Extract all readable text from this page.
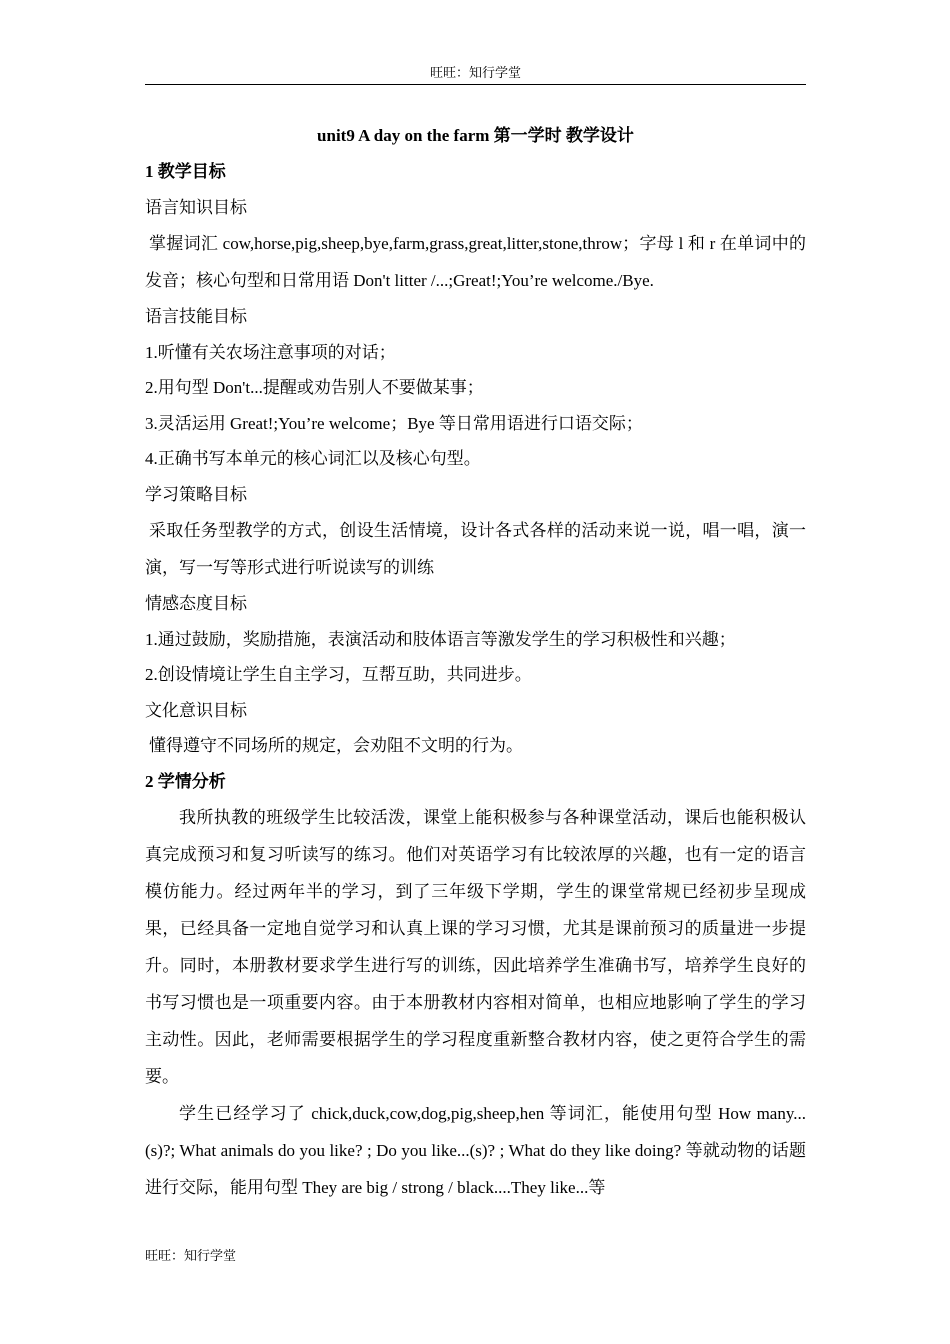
旺旺：知行学堂
unit9 A day on the farm 第一学时 教学设计
1 教学目标
语言知识目标

掌握词汇 cow,horse,pig,sheep,bye,farm,grass,great,litter,stone,throw；字母 l 和 r 在单词中的发音；核心句型和日常用语 Don't litter /...;Great!;You’re welcome./Bye.

语言技能目标
1.听懂有关农场注意事项的对话；
2.用句型 Don't...提醒或劝告别人不要做某事；
3.灵活运用 Great!;You’re welcome；Bye 等日常用语进行口语交际；
4.正确书写本单元的核心词汇以及核心句型。
学习策略目标

采取任务型教学的方式，创设生活情境，设计各式各样的活动来说一说，唱一唱，演一演，写一写等形式进行听说读写的训练

情感态度目标
1.通过鼓励，奖励措施，表演活动和肢体语言等激发学生的学习积极性和兴趣；
2.创设情境让学生自主学习，互帮互助，共同进步。
文化意识目标
懂得遵守不同场所的规定，会劝阻不文明的行为。
2 学情分析

我所执教的班级学生比较活泼，课堂上能积极参与各种课堂活动，课后也能积极认真完成预习和复习听读写的练习。他们对英语学习有比较浓厚的兴趣，也有一定的语言模仿能力。经过两年半的学习，到了三年级下学期，学生的课堂常规已经初步呈现成果，已经具备一定地自觉学习和认真上课的学习习惯，尤其是课前预习的质量进一步提升。同时，本册教材要求学生进行写的训练，因此培养学生准确书写，培养学生良好的书写习惯也是一项重要内容。由于本册教材内容相对简单，也相应地影响了学生的学习主动性。因此，老师需要根据学生的学习程度重新整合教材内容，使之更符合学生的需要。

学生已经学习了 chick,duck,cow,dog,pig,sheep,hen 等词汇，能使用句型 How many...(s)?; What animals do you like? ; Do you like...(s)? ; What do they like doing? 等就动物的话题进行交际，能用句型 They are big / strong / black....They like...等

旺旺：知行学堂
